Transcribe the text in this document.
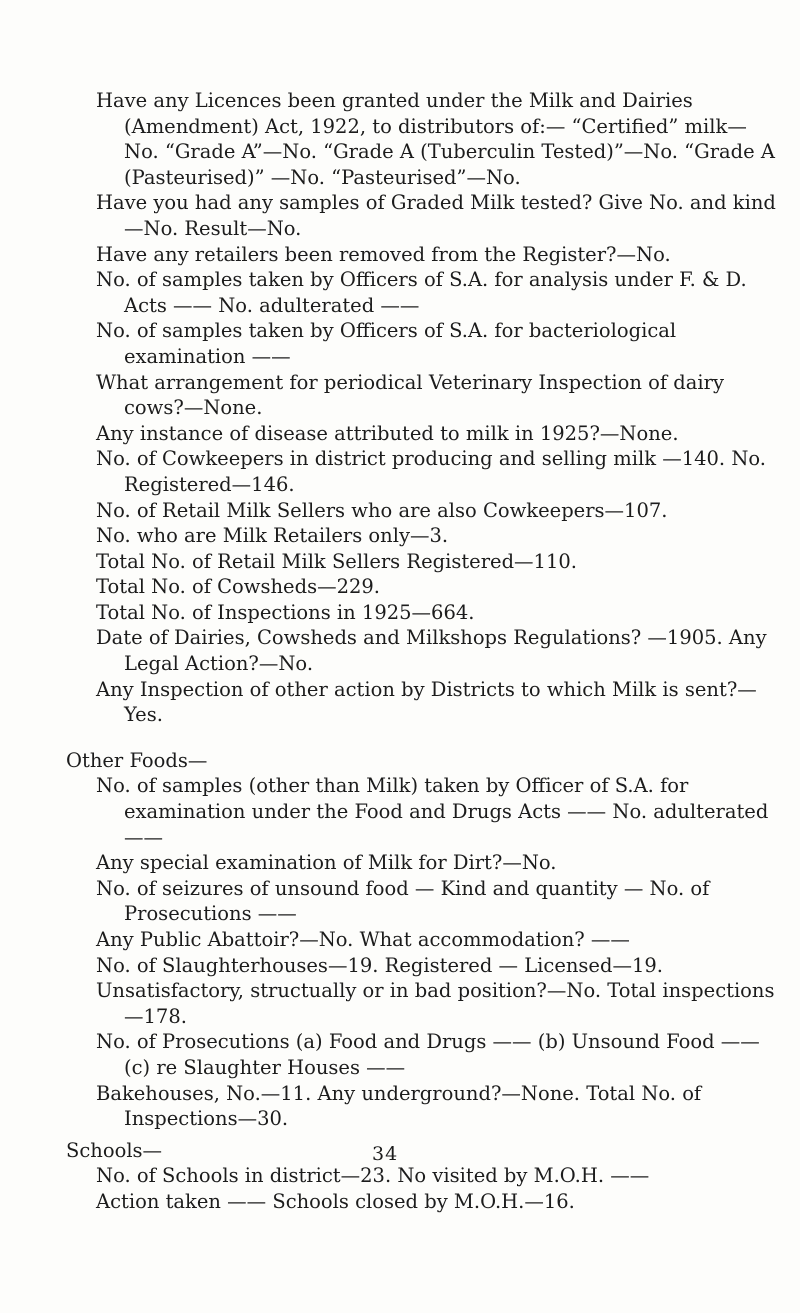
Have any Licences been granted under the Milk and Dairies (Amendment) Act, 1922, to distributors of:— “Certified” milk—No. “Grade A”—No. “Grade A (Tuberculin Tested)”—No. “Grade A (Pasteurised)” —No. “Pasteurised”—No.

Have you had any samples of Graded Milk tested? Give No. and kind—No. Result—No.

Have any retailers been removed from the Register?—No.

No. of samples taken by Officers of S.A. for analysis under F. & D. Acts —— No. adulterated ——

No. of samples taken by Officers of S.A. for bacteriological examination ——

What arrangement for periodical Veterinary Inspection of dairy cows?—None.

Any instance of disease attributed to milk in 1925?—None.

No. of Cowkeepers in district producing and selling milk —140. No. Registered—146.

No. of Retail Milk Sellers who are also Cowkeepers—107.

No. who are Milk Retailers only—3.

Total No. of Retail Milk Sellers Registered—110.

Total No. of Cowsheds—229.

Total No. of Inspections in 1925—664.

Date of Dairies, Cowsheds and Milkshops Regulations? —1905. Any Legal Action?—No.

Any Inspection of other action by Districts to which Milk is sent?—Yes.

Other Foods—

No. of samples (other than Milk) taken by Officer of S.A. for examination under the Food and Drugs Acts —— No. adulterated ——

Any special examination of Milk for Dirt?—No.

No. of seizures of unsound food — Kind and quantity — No. of Prosecutions ——

Any Public Abattoir?—No. What accommodation? ——

No. of Slaughterhouses—19. Registered — Licensed—19.

Unsatisfactory, structually or in bad position?—No. Total inspections—178.

No. of Prosecutions (a) Food and Drugs —— (b) Unsound Food —— (c) re Slaughter Houses ——

Bakehouses, No.—11. Any underground?—None. Total No. of Inspections—30.

Schools—

No. of Schools in district—23. No visited by M.O.H. ——

Action taken —— Schools closed by M.O.H.—16.

34
